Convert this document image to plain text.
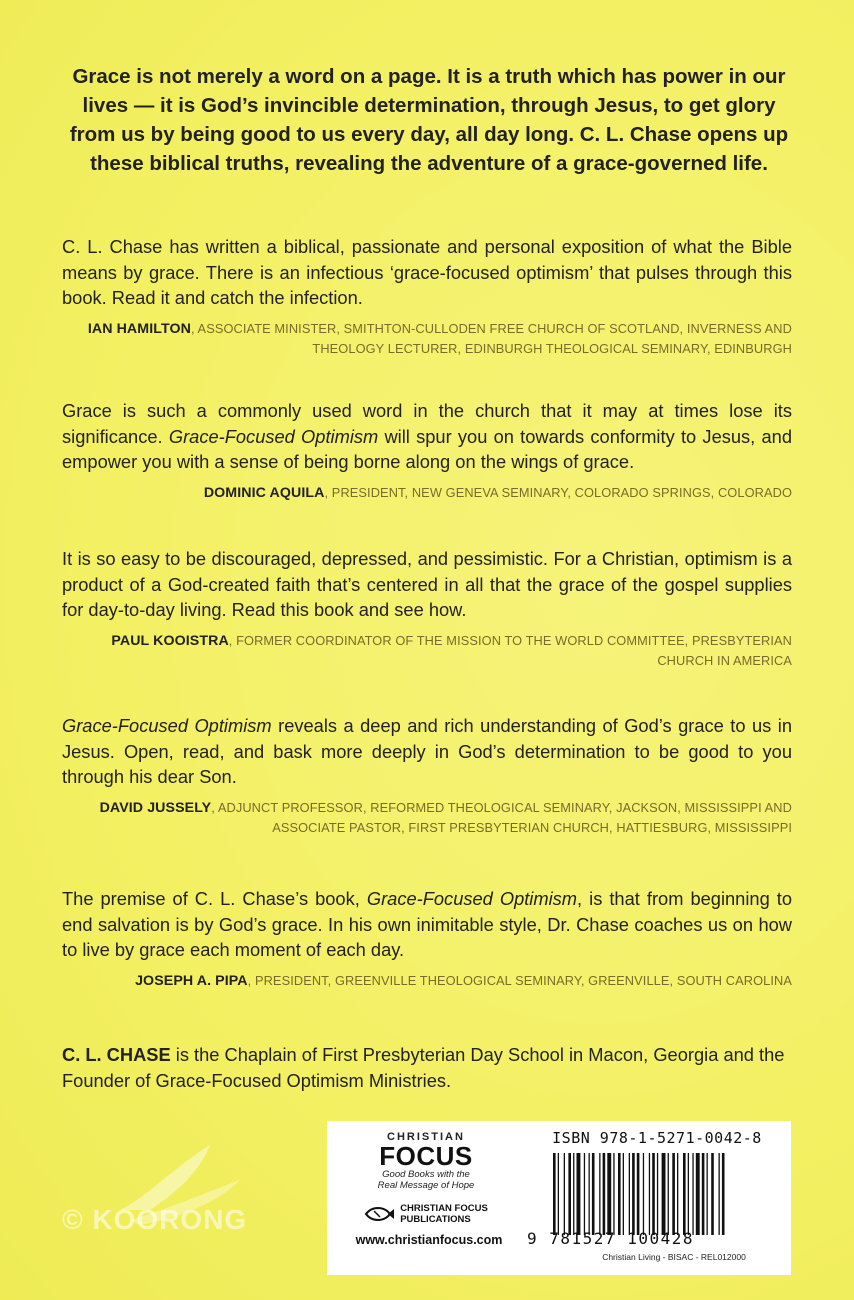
Grace is not merely a word on a page. It is a truth which has power in our lives — it is God’s invincible determination, through Jesus, to get glory from us by being good to us every day, all day long. C. L. Chase opens up these biblical truths, revealing the adventure of a grace-governed life.

C. L. Chase has written a biblical, passionate and personal exposition of what the Bible means by grace. There is an infectious ‘grace-focused optimism’ that pulses through this book. Read it and catch the infection.

IAN HAMILTON, ASSOCIATE MINISTER, SMITHTON-CULLODEN FREE CHURCH OF SCOTLAND, INVERNESS AND THEOLOGY LECTURER, EDINBURGH THEOLOGICAL SEMINARY, EDINBURGH

Grace is such a commonly used word in the church that it may at times lose its significance. Grace-Focused Optimism will spur you on towards conformity to Jesus, and empower you with a sense of being borne along on the wings of grace.

DOMINIC AQUILA, PRESIDENT, NEW GENEVA SEMINARY, COLORADO SPRINGS, COLORADO

It is so easy to be discouraged, depressed, and pessimistic. For a Christian, optimism is a product of a God-created faith that’s centered in all that the grace of the gospel supplies for day-to-day living. Read this book and see how.

PAUL KOOISTRA, FORMER COORDINATOR OF THE MISSION TO THE WORLD COMMITTEE, PRESBYTERIAN CHURCH IN AMERICA

Grace-Focused Optimism reveals a deep and rich understanding of God’s grace to us in Jesus. Open, read, and bask more deeply in God’s determination to be good to you through his dear Son.

DAVID JUSSELY, ADJUNCT PROFESSOR, REFORMED THEOLOGICAL SEMINARY, JACKSON, MISSISSIPPI AND ASSOCIATE PASTOR, FIRST PRESBYTERIAN CHURCH, HATTIESBURG, MISSISSIPPI

The premise of C. L. Chase’s book, Grace-Focused Optimism, is that from beginning to end salvation is by God’s grace. In his own inimitable style, Dr. Chase coaches us on how to live by grace each moment of each day.

JOSEPH A. PIPA, PRESIDENT, GREENVILLE THEOLOGICAL SEMINARY, GREENVILLE, SOUTH CAROLINA
C. L. CHASE is the Chaplain of First Presbyterian Day School in Macon, Georgia and the Founder of Grace-Focused Optimism Ministries.
© KOORONG
CHRISTIAN
FOCUS
Good Books with the
Real Message of Hope
CHRISTIAN FOCUS
PUBLICATIONS
www.christianfocus.com
ISBN 978-1-5271-0042-8
9 781527 100428
Christian Living - BISAC - REL012000
